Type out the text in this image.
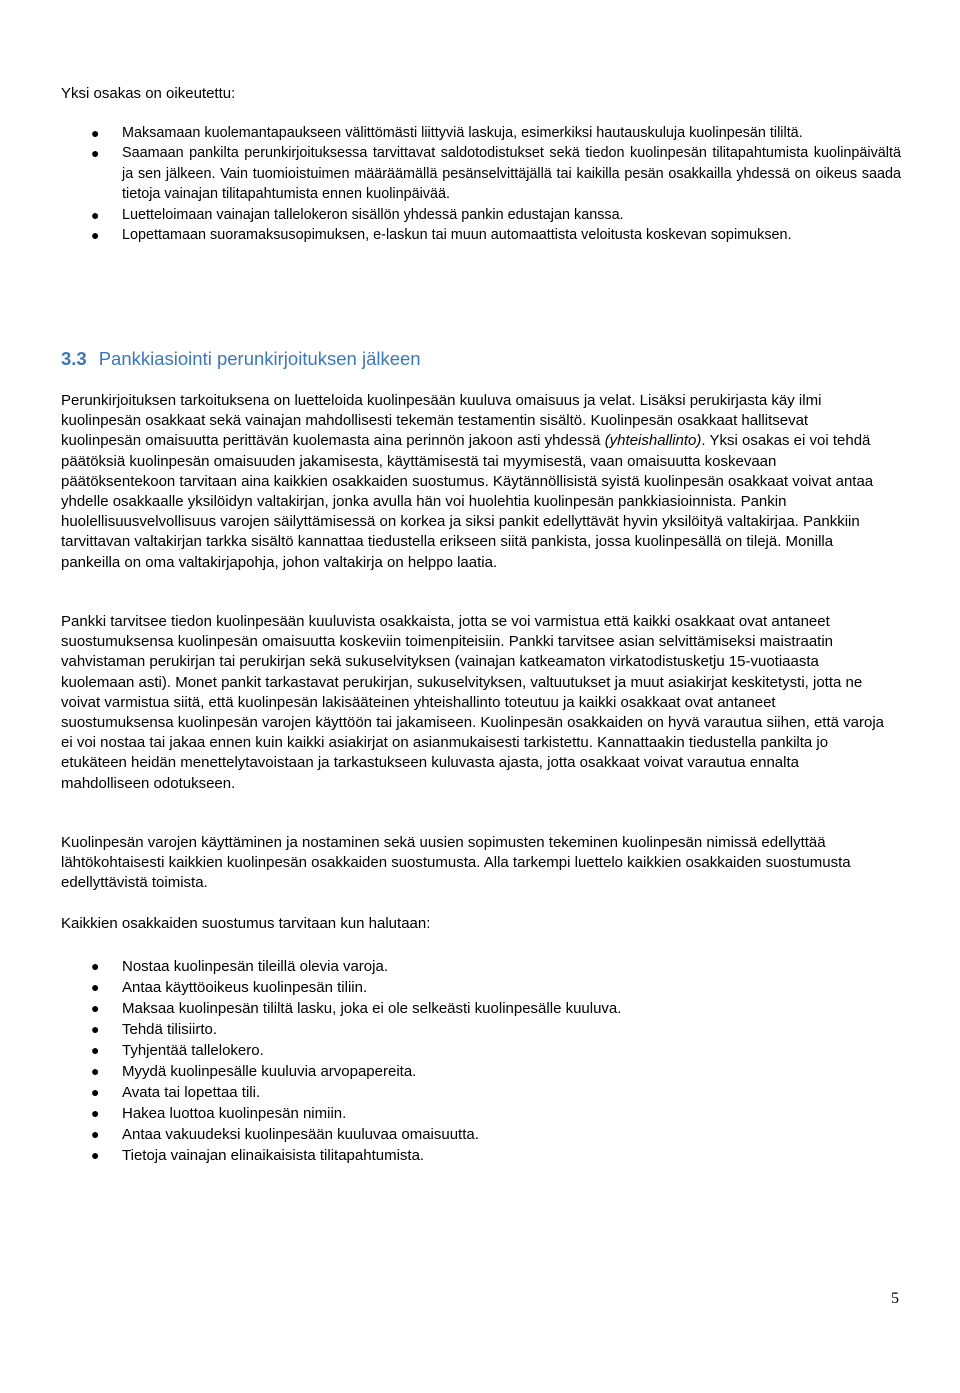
Yksi osakas on oikeutettu:
● Maksamaan kuolemantapaukseen välittömästi liittyviä laskuja, esimerkiksi hautauskuluja kuolinpesän tililtä.
● Saamaan pankilta perunkirjoituksessa tarvittavat saldotodistukset sekä tiedon kuolinpesän tilitapahtumista kuolinpäivältä ja sen jälkeen. Vain tuomioistuimen määräämällä pesänselvittäjällä tai kaikilla pesän osakkailla yhdessä on oikeus saada tietoja vainajan tilitapahtumista ennen kuolinpäivää.
● Luetteloimaan vainajan tallelokeron sisällön yhdessä pankin edustajan kanssa.
● Lopettamaan suoramaksusopimuksen, e-laskun tai muun automaattista veloitusta koskevan sopimuksen.
3.3 Pankkiasiointi perunkirjoituksen jälkeen

Perunkirjoituksen tarkoituksena on luetteloida kuolinpesään kuuluva omaisuus ja velat. Lisäksi perukirjasta käy ilmi kuolinpesän osakkaat sekä vainajan mahdollisesti tekemän testamentin sisältö. Kuolinpesän osakkaat hallitsevat kuolinpesän omaisuutta perittävän kuolemasta aina perinnön jakoon asti yhdessä (yhteishallinto). Yksi osakas ei voi tehdä päätöksiä kuolinpesän omaisuuden jakamisesta, käyttämisestä tai myymisestä, vaan omaisuutta koskevaan päätöksentekoon tarvitaan aina kaikkien osakkaiden suostumus. Käytännöllisistä syistä kuolinpesän osakkaat voivat antaa yhdelle osakkaalle yksilöidyn valtakirjan, jonka avulla hän voi huolehtia kuolinpesän pankkiasioinnista. Pankin huolellisuusvelvollisuus varojen säilyttämisessä on korkea ja siksi pankit edellyttävät hyvin yksilöityä valtakirjaa. Pankkiin tarvittavan valtakirjan tarkka sisältö kannattaa tiedustella erikseen siitä pankista, jossa kuolinpesällä on tilejä. Monilla pankeilla on oma valtakirjapohja, johon valtakirja on helppo laatia.

Pankki tarvitsee tiedon kuolinpesään kuuluvista osakkaista, jotta se voi varmistua että kaikki osakkaat ovat antaneet suostumuksensa kuolinpesän omaisuutta koskeviin toimenpiteisiin. Pankki tarvitsee asian selvittämiseksi maistraatin vahvistaman perukirjan tai perukirjan sekä sukuselvityksen (vainajan katkeamaton virkatodistusketju 15-vuotiaasta kuolemaan asti). Monet pankit tarkastavat perukirjan, sukuselvityksen, valtuutukset ja muut asiakirjat keskitetysti, jotta ne voivat varmistua siitä, että kuolinpesän lakisääteinen yhteishallinto toteutuu ja kaikki osakkaat ovat antaneet suostumuksensa kuolinpesän varojen käyttöön tai jakamiseen. Kuolinpesän osakkaiden on hyvä varautua siihen, että varoja ei voi nostaa tai jakaa ennen kuin kaikki asiakirjat on asianmukaisesti tarkistettu. Kannattaakin tiedustella pankilta jo etukäteen heidän menettelytavoistaan ja tarkastukseen kuluvasta ajasta, jotta osakkaat voivat varautua ennalta mahdolliseen odotukseen.

Kuolinpesän varojen käyttäminen ja nostaminen sekä uusien sopimusten tekeminen kuolinpesän nimissä edellyttää lähtökohtaisesti kaikkien kuolinpesän osakkaiden suostumusta. Alla tarkempi luettelo kaikkien osakkaiden suostumusta edellyttävistä toimista.

Kaikkien osakkaiden suostumus tarvitaan kun halutaan:

● Nostaa kuolinpesän tileillä olevia varoja.
● Antaa käyttöoikeus kuolinpesän tiliin.
● Maksaa kuolinpesän tililtä lasku, joka ei ole selkeästi kuolinpesälle kuuluva.
● Tehdä tilisiirto.
● Tyhjentää tallelokero.
● Myydä kuolinpesälle kuuluvia arvopapereita.
● Avata tai lopettaa tili.
● Hakea luottoa kuolinpesän nimiin.
● Antaa vakuudeksi kuolinpesään kuuluvaa omaisuutta.
● Tietoja vainajan elinaikaisista tilitapahtumista.
5
